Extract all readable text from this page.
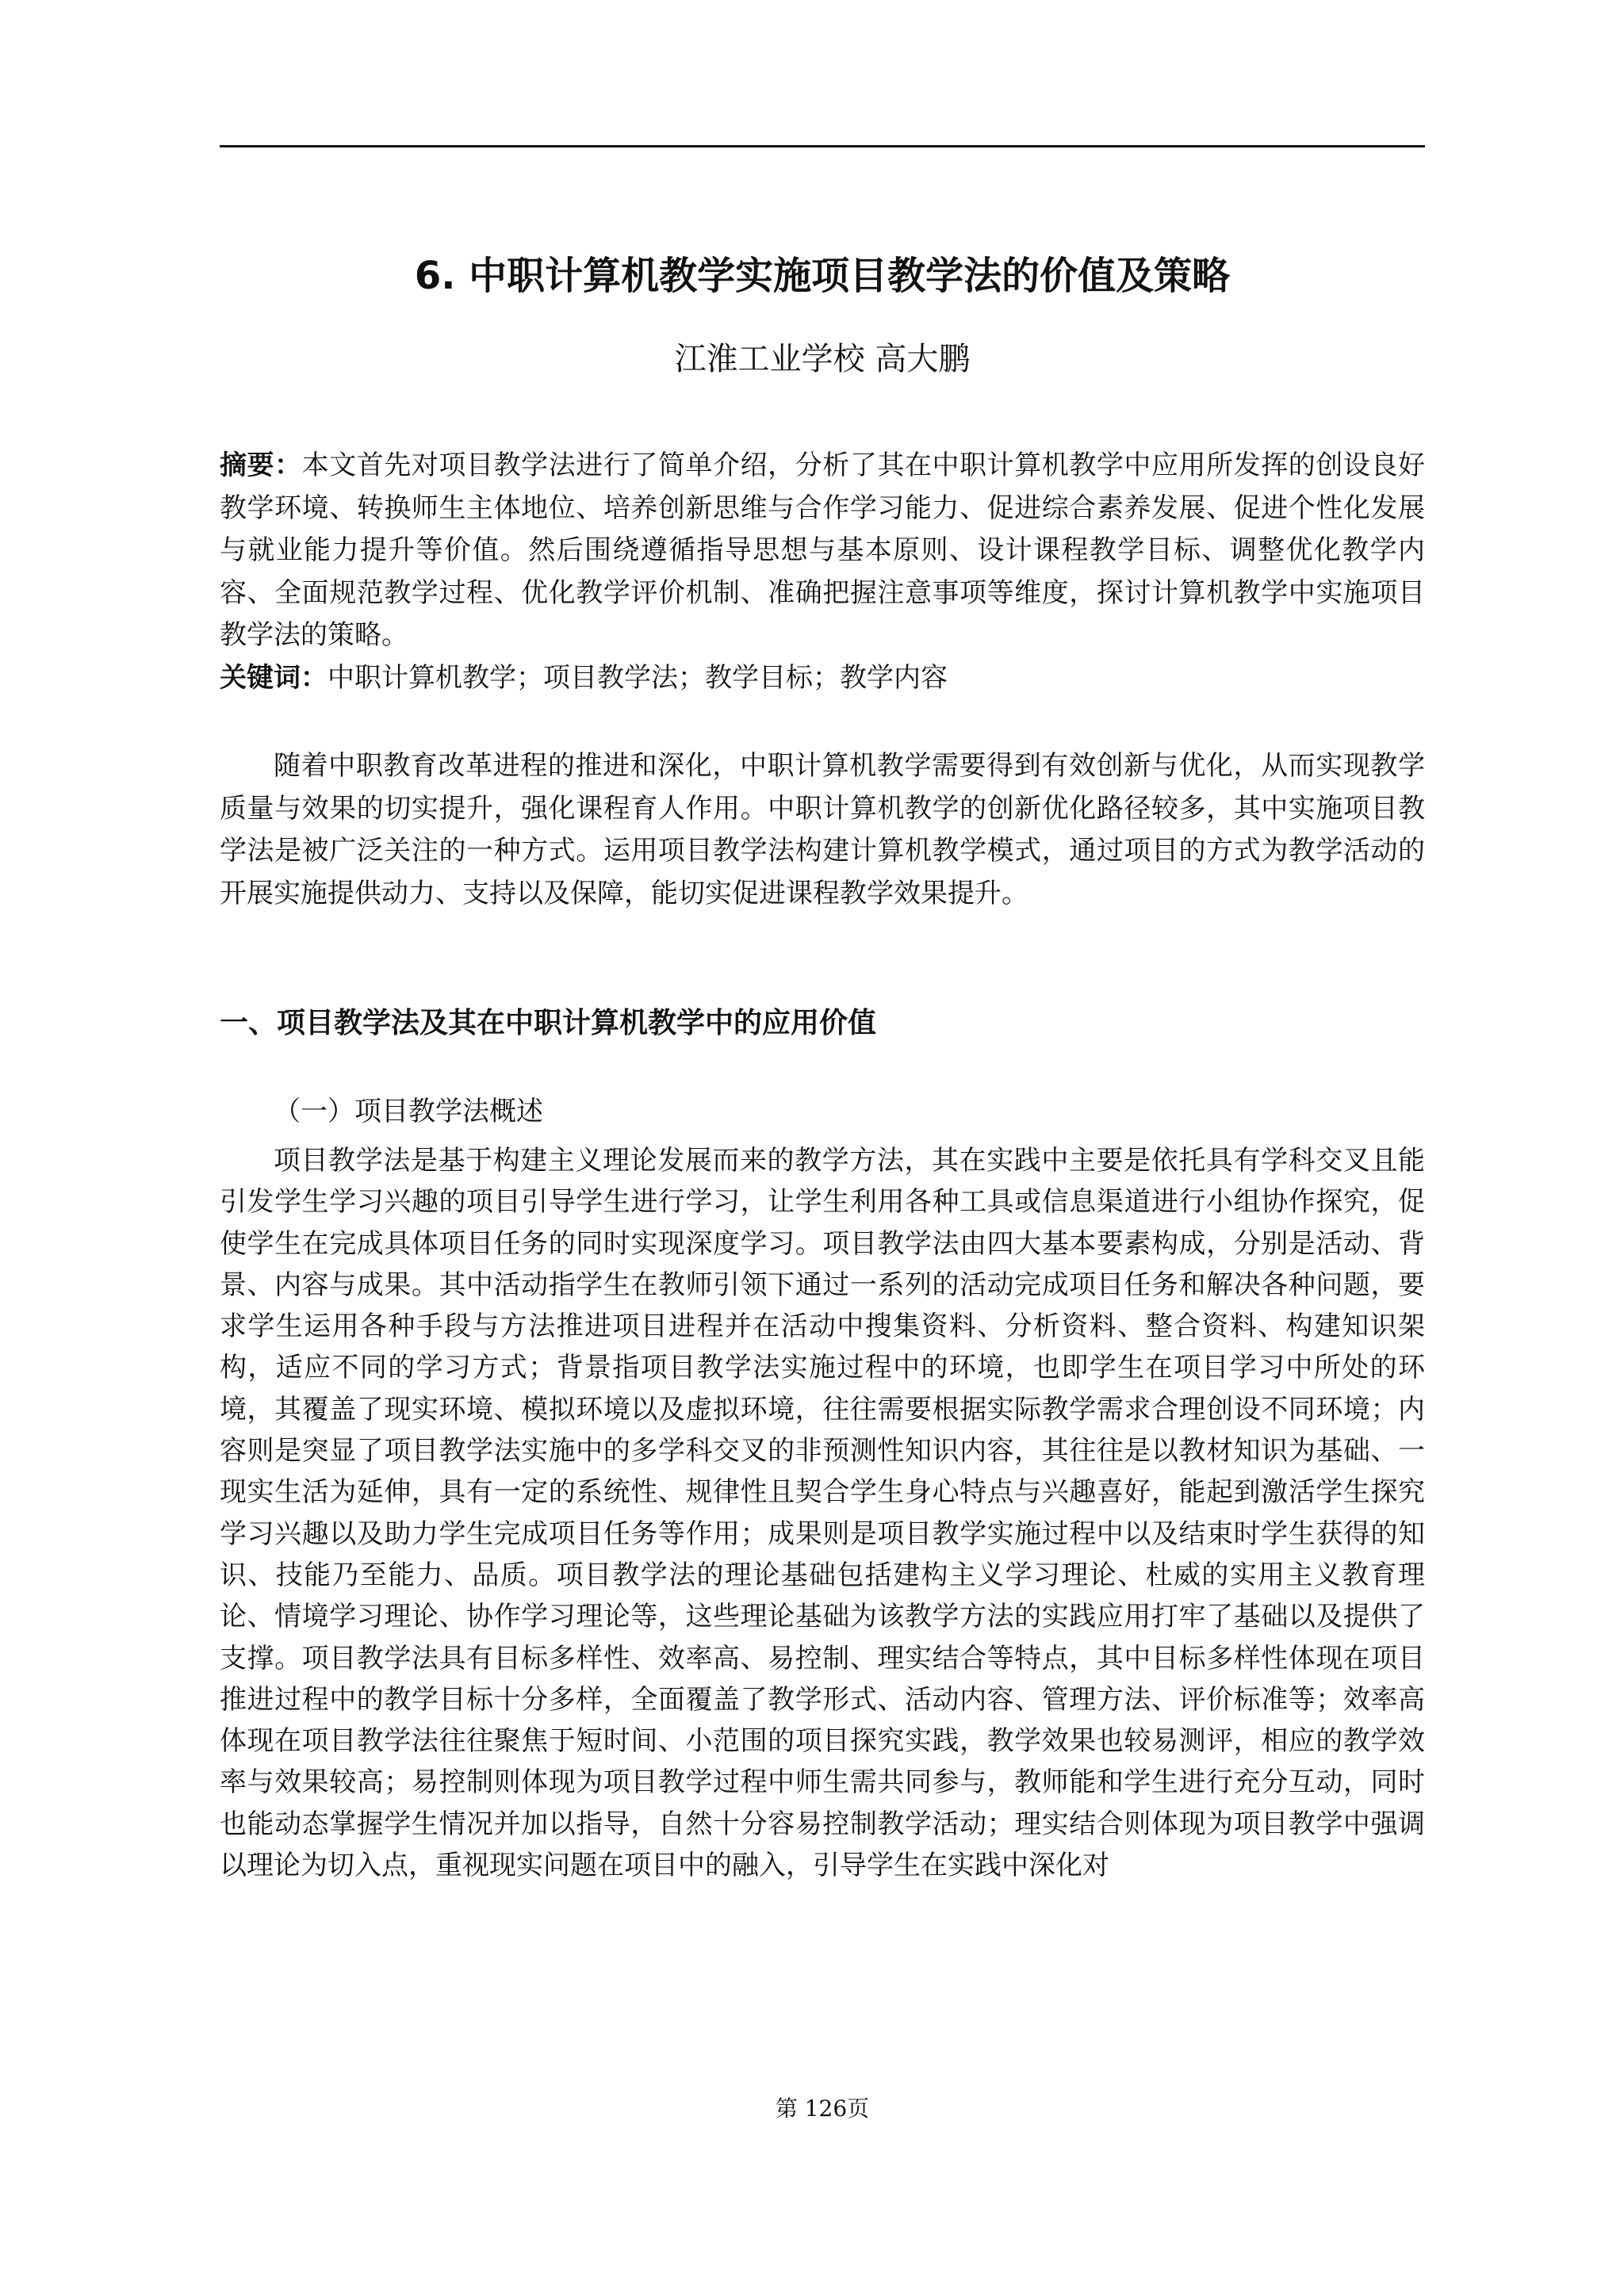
6. 中职计算机教学实施项目教学法的价值及策略
江淮工业学校 高大鹏
摘要：本文首先对项目教学法进行了简单介绍，分析了其在中职计算机教学中应用所发挥的创设良好教学环境、转换师生主体地位、培养创新思维与合作学习能力、促进综合素养发展、促进个性化发展与就业能力提升等价值。然后围绕遵循指导思想与基本原则、设计课程教学目标、调整优化教学内容、全面规范教学过程、优化教学评价机制、准确把握注意事项等维度，探讨计算机教学中实施项目教学法的策略。
关键词：中职计算机教学；项目教学法；教学目标；教学内容
随着中职教育改革进程的推进和深化，中职计算机教学需要得到有效创新与优化，从而实现教学质量与效果的切实提升，强化课程育人作用。中职计算机教学的创新优化路径较多，其中实施项目教学法是被广泛关注的一种方式。运用项目教学法构建计算机教学模式，通过项目的方式为教学活动的开展实施提供动力、支持以及保障，能切实促进课程教学效果提升。
一、项目教学法及其在中职计算机教学中的应用价值
（一）项目教学法概述
项目教学法是基于构建主义理论发展而来的教学方法，其在实践中主要是依托具有学科交叉且能引发学生学习兴趣的项目引导学生进行学习，让学生利用各种工具或信息渠道进行小组协作探究，促使学生在完成具体项目任务的同时实现深度学习。项目教学法由四大基本要素构成，分别是活动、背景、内容与成果。其中活动指学生在教师引领下通过一系列的活动完成项目任务和解决各种问题，要求学生运用各种手段与方法推进项目进程并在活动中搜集资料、分析资料、整合资料、构建知识架构，适应不同的学习方式；背景指项目教学法实施过程中的环境，也即学生在项目学习中所处的环境，其覆盖了现实环境、模拟环境以及虚拟环境，往往需要根据实际教学需求合理创设不同环境；内容则是突显了项目教学法实施中的多学科交叉的非预测性知识内容，其往往是以教材知识为基础、一现实生活为延伸，具有一定的系统性、规律性且契合学生身心特点与兴趣喜好，能起到激活学生探究学习兴趣以及助力学生完成项目任务等作用；成果则是项目教学实施过程中以及结束时学生获得的知识、技能乃至能力、品质。项目教学法的理论基础包括建构主义学习理论、杜威的实用主义教育理论、情境学习理论、协作学习理论等，这些理论基础为该教学方法的实践应用打牢了基础以及提供了支撑。项目教学法具有目标多样性、效率高、易控制、理实结合等特点，其中目标多样性体现在项目推进过程中的教学目标十分多样，全面覆盖了教学形式、活动内容、管理方法、评价标准等；效率高体现在项目教学法往往聚焦于短时间、小范围的项目探究实践，教学效果也较易测评，相应的教学效率与效果较高；易控制则体现为项目教学过程中师生需共同参与，教师能和学生进行充分互动，同时也能动态掌握学生情况并加以指导，自然十分容易控制教学活动；理实结合则体现为项目教学中强调以理论为切入点，重视现实问题在项目中的融入，引导学生在实践中深化对
第 126页
